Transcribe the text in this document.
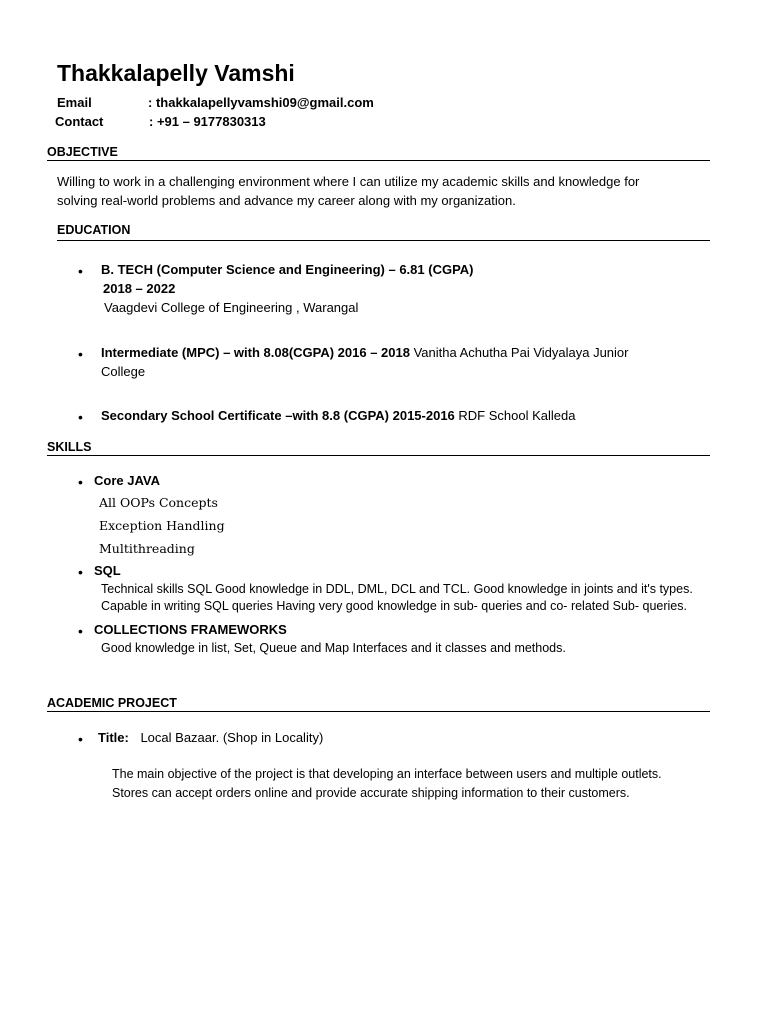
Thakkalapelly Vamshi
Email	: thakkalapellyvamshi09@gmail.com
Contact	: +91 – 9177830313
OBJECTIVE
Willing to work in a challenging environment where I can utilize my academic skills and knowledge for
solving real-world problems and advance my career along with my organization.
EDUCATION
• B. TECH (Computer Science and Engineering) – 6.81 (CGPA)
2018 – 2022
Vaagdevi College of Engineering , Warangal
• Intermediate (MPC) – with 8.08(CGPA) 2016 – 2018 Vanitha Achutha Pai Vidyalaya Junior
College
• Secondary School Certificate –with 8.8 (CGPA) 2015-2016 RDF School Kalleda
SKILLS
• Core JAVA
All OOPs Concepts
Exception Handling
Multithreading
• SQL
Technical skills SQL Good knowledge in DDL, DML, DCL and TCL. Good knowledge in joints and it's types.
Capable in writing SQL queries Having very good knowledge in sub- queries and co- related Sub- queries.
• COLLECTIONS FRAMEWORKS
Good knowledge in list, Set, Queue and Map Interfaces and it classes and methods.
ACADEMIC PROJECT
• Title: Local Bazaar. (Shop in Locality)
The main objective of the project is that developing an interface between users and multiple outlets.
Stores can accept orders online and provide accurate shipping information to their customers.
